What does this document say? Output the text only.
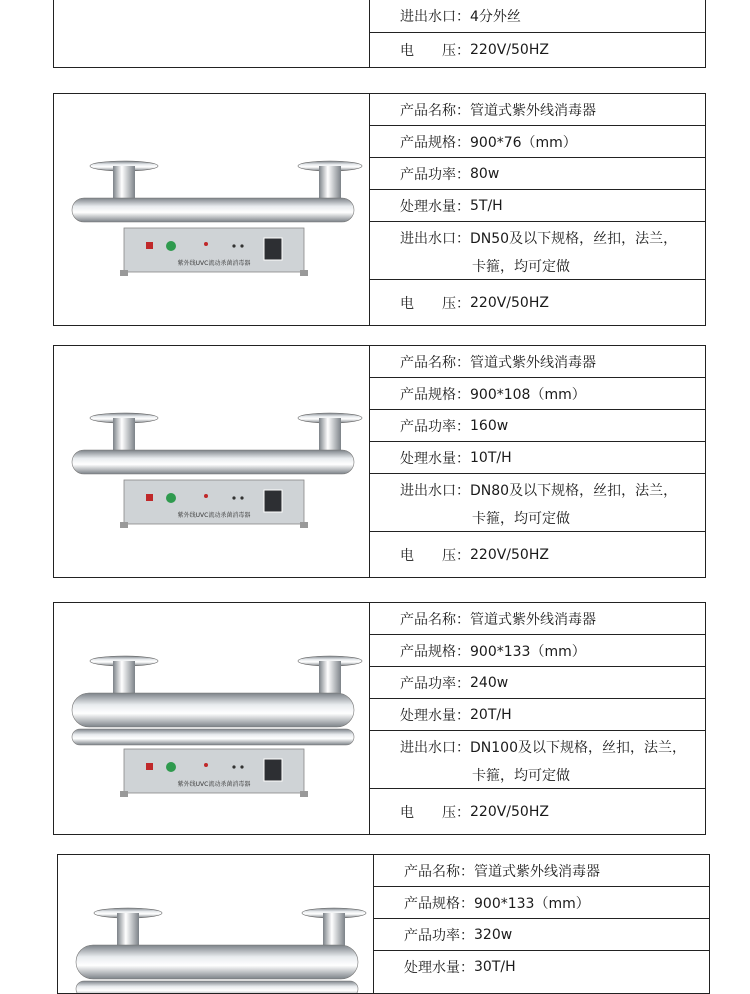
进出水口 ： 4分外丝
电　　压 ： 220V/50HZ
紫外线UVC流动杀菌消毒器
产品名称 ： 管道式紫外线消毒器
产品规格 ： 900*76（mm）
产品功率 ： 80w
处理水量 ： 5T/H
进出水口：DN50及以下规格，丝扣，法兰，
卡箍，均可定做
电　　压 ： 220V/50HZ
紫外线UVC流动杀菌消毒器
产品名称 ： 管道式紫外线消毒器
产品规格 ： 900*108（mm）
产品功率 ： 160w
处理水量 ： 10T/H
进出水口：DN80及以下规格，丝扣，法兰，
卡箍，均可定做
电　　压 ： 220V/50HZ
紫外线UVC流动杀菌消毒器
产品名称 ： 管道式紫外线消毒器
产品规格 ： 900*133（mm）
产品功率 ： 240w
处理水量 ： 20T/H
进出水口：DN100及以下规格，丝扣，法兰，
卡箍，均可定做
电　　压 ： 220V/50HZ
产品名称 ： 管道式紫外线消毒器
产品规格 ： 900*133（mm）
产品功率 ： 320w
处理水量 ： 30T/H
